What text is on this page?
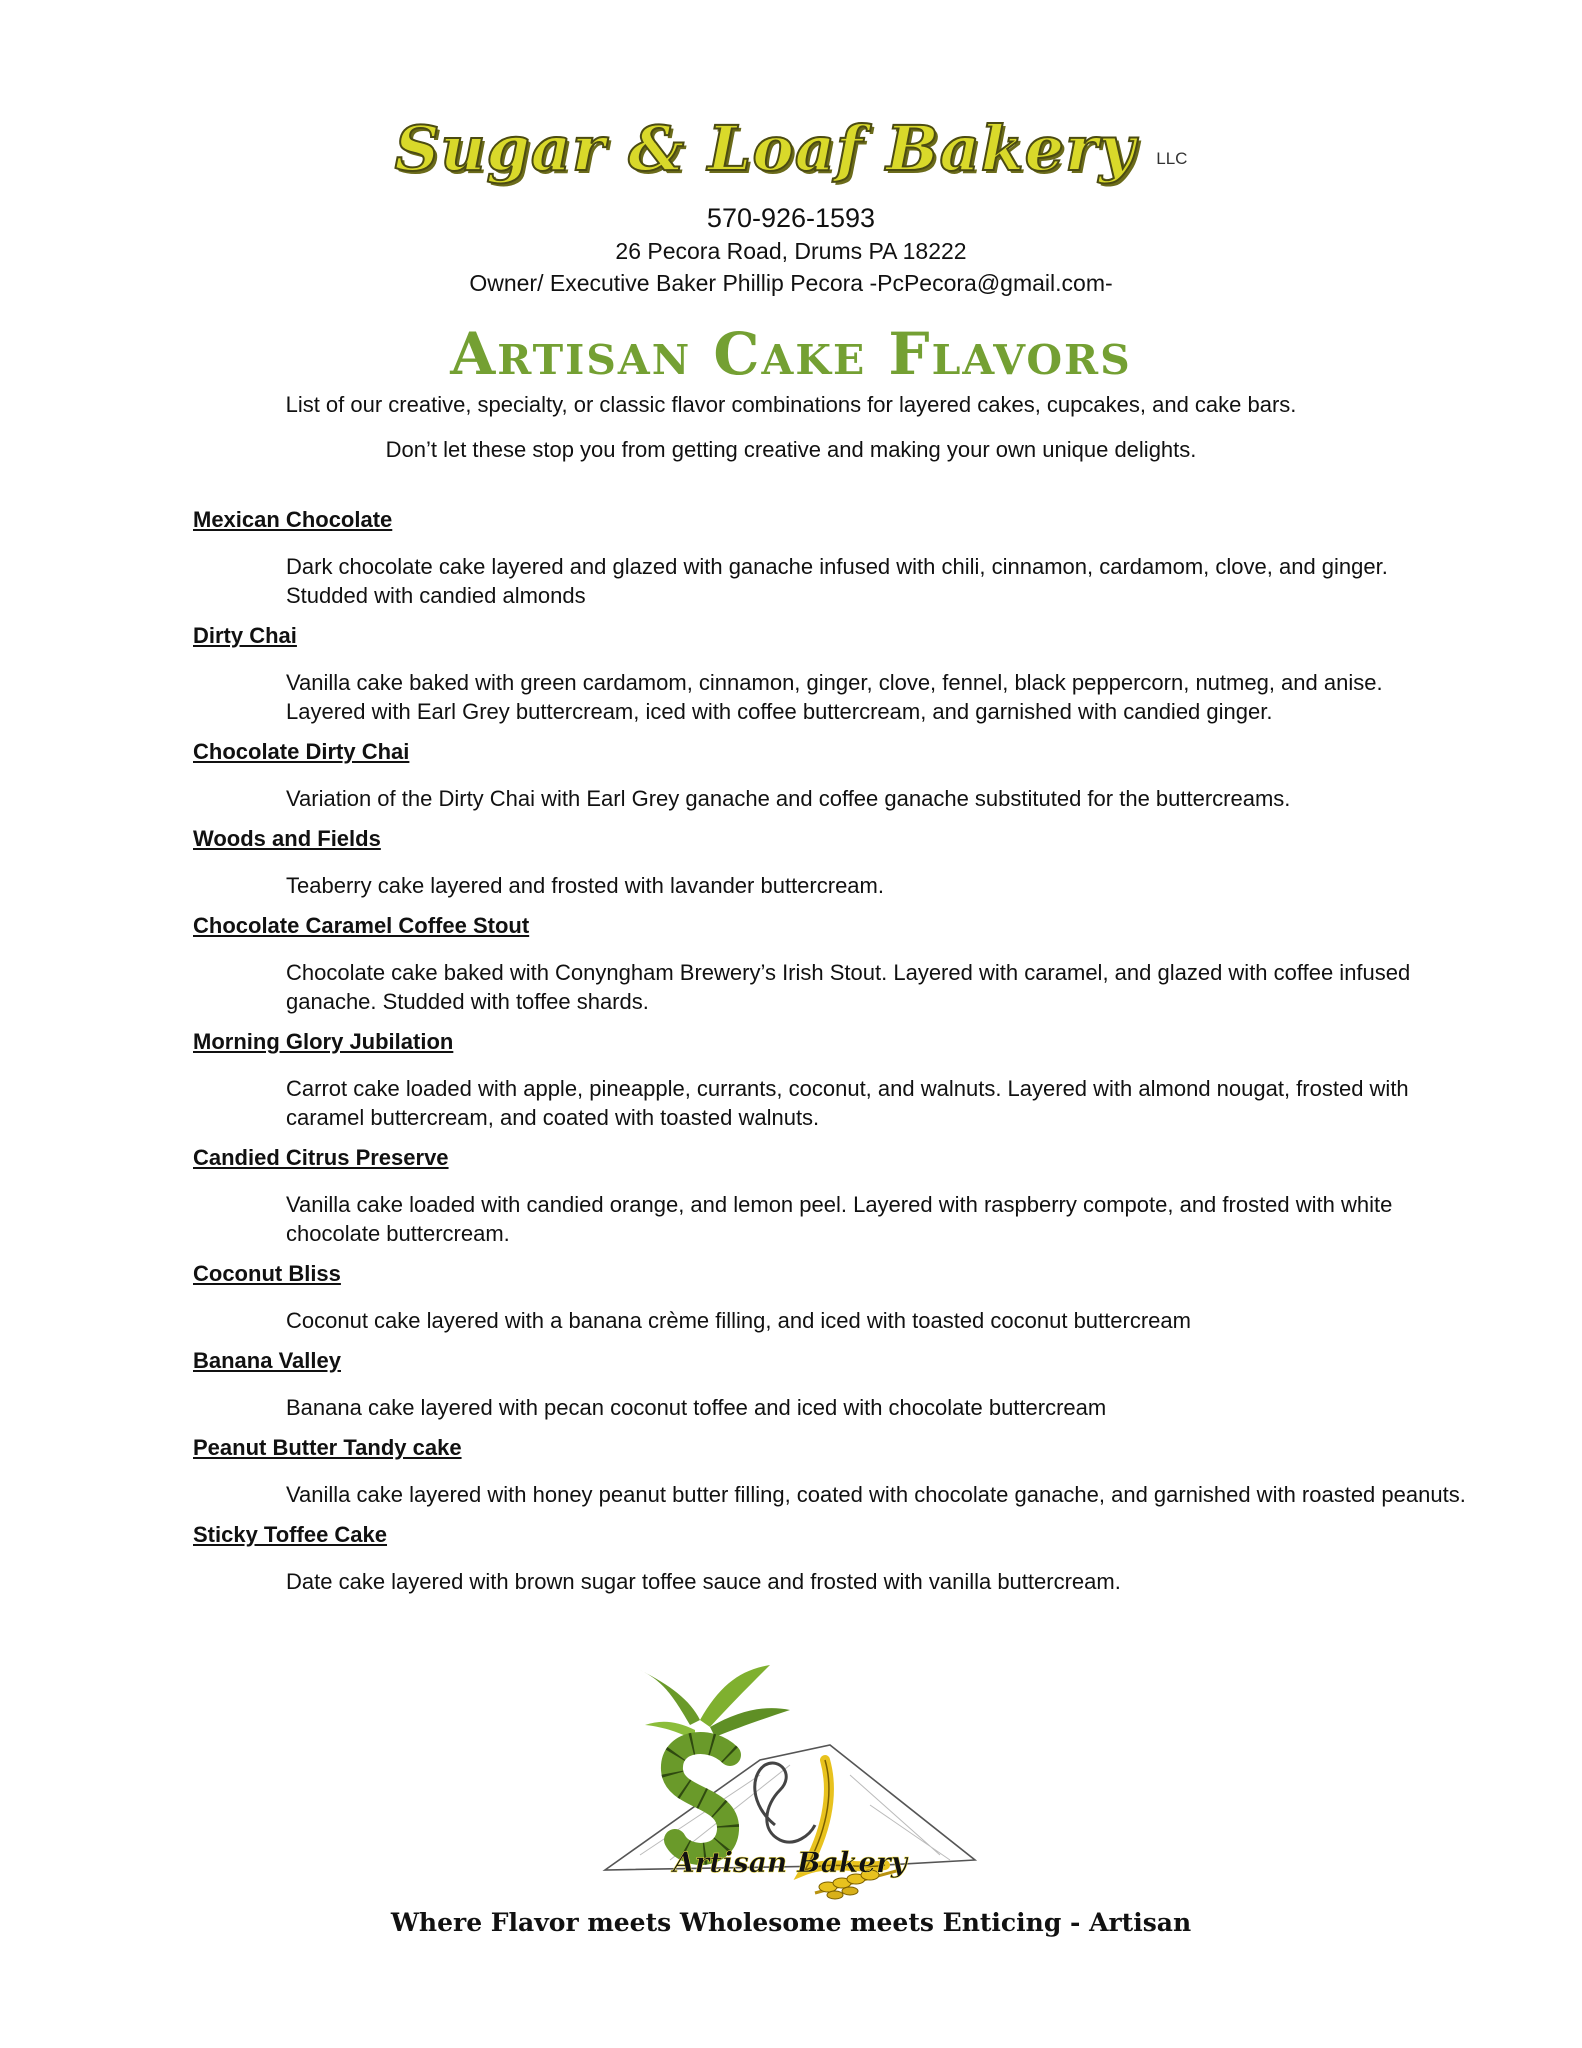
Sugar & Loaf Bakery LLC
570-926-1593
26 Pecora Road, Drums PA 18222
Owner/ Executive Baker Phillip Pecora -PcPecora@gmail.com-
Artisan Cake Flavors
List of our creative, specialty, or classic flavor combinations for layered cakes, cupcakes, and cake bars.
Don’t let these stop you from getting creative and making your own unique delights.

Mexican Chocolate

Dark chocolate cake layered and glazed with ganache infused with chili, cinnamon, cardamom, clove, and ginger. Studded with candied almonds

Dirty Chai

Vanilla cake baked with green cardamom, cinnamon, ginger, clove, fennel, black peppercorn, nutmeg, and anise. Layered with Earl Grey buttercream, iced with coffee buttercream, and garnished with candied ginger.

Chocolate Dirty Chai

Variation of the Dirty Chai with Earl Grey ganache and coffee ganache substituted for the buttercreams.

Woods and Fields

Teaberry cake layered and frosted with lavander buttercream.

Chocolate Caramel Coffee Stout

Chocolate cake baked with Conyngham Brewery’s Irish Stout. Layered with caramel, and glazed with coffee infused ganache. Studded with toffee shards.

Morning Glory Jubilation

Carrot cake loaded with apple, pineapple, currants, coconut, and walnuts. Layered with almond nougat, frosted with caramel buttercream, and coated with toasted walnuts.

Candied Citrus Preserve

Vanilla cake loaded with candied orange, and lemon peel. Layered with raspberry compote, and frosted with white chocolate buttercream.

Coconut Bliss

Coconut cake layered with a banana crème filling, and iced with toasted coconut buttercream

Banana Valley

Banana cake layered with pecan coconut toffee and iced with chocolate buttercream

Peanut Butter Tandy cake

Vanilla cake layered with honey peanut butter filling, coated with chocolate ganache, and garnished with roasted peanuts.

Sticky Toffee Cake

Date cake layered with brown sugar toffee sauce and frosted with vanilla buttercream.

Artisan Bakery
Where Flavor meets Wholesome meets Enticing - Artisan
